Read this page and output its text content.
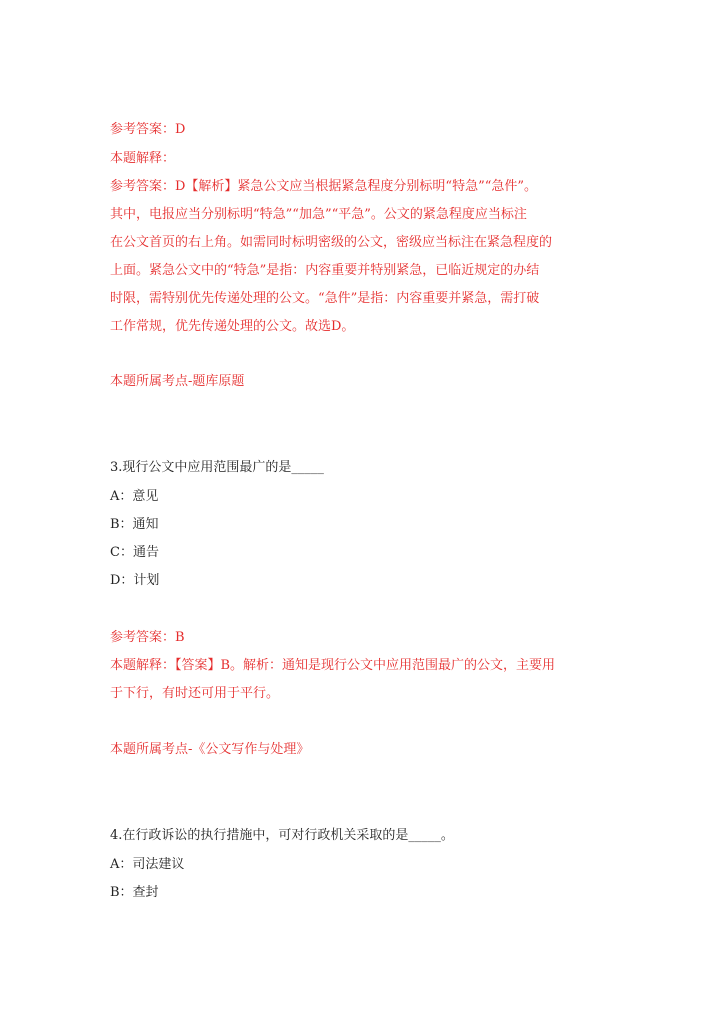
参考答案：D
本题解释：
参考答案：D【解析】紧急公文应当根据紧急程度分别标明“特急”“急件”。
其中，电报应当分别标明“特急”“加急”“平急”。公文的紧急程度应当标注
在公文首页的右上角。如需同时标明密级的公文，密级应当标注在紧急程度的
上面。紧急公文中的“特急”是指：内容重要并特别紧急，已临近规定的办结
时限，需特别优先传递处理的公文。“急件”是指：内容重要并紧急，需打破
工作常规，优先传递处理的公文。故选D。
本题所属考点-题库原题
3.现行公文中应用范围最广的是_____
A：意见
B：通知
C：通告
D：计划
参考答案：B
本题解释：【答案】B。解析：通知是现行公文中应用范围最广的公文，主要用
于下行，有时还可用于平行。
本题所属考点-《公文写作与处理》
4.在行政诉讼的执行措施中，可对行政机关采取的是_____。
A：司法建议
B：查封
